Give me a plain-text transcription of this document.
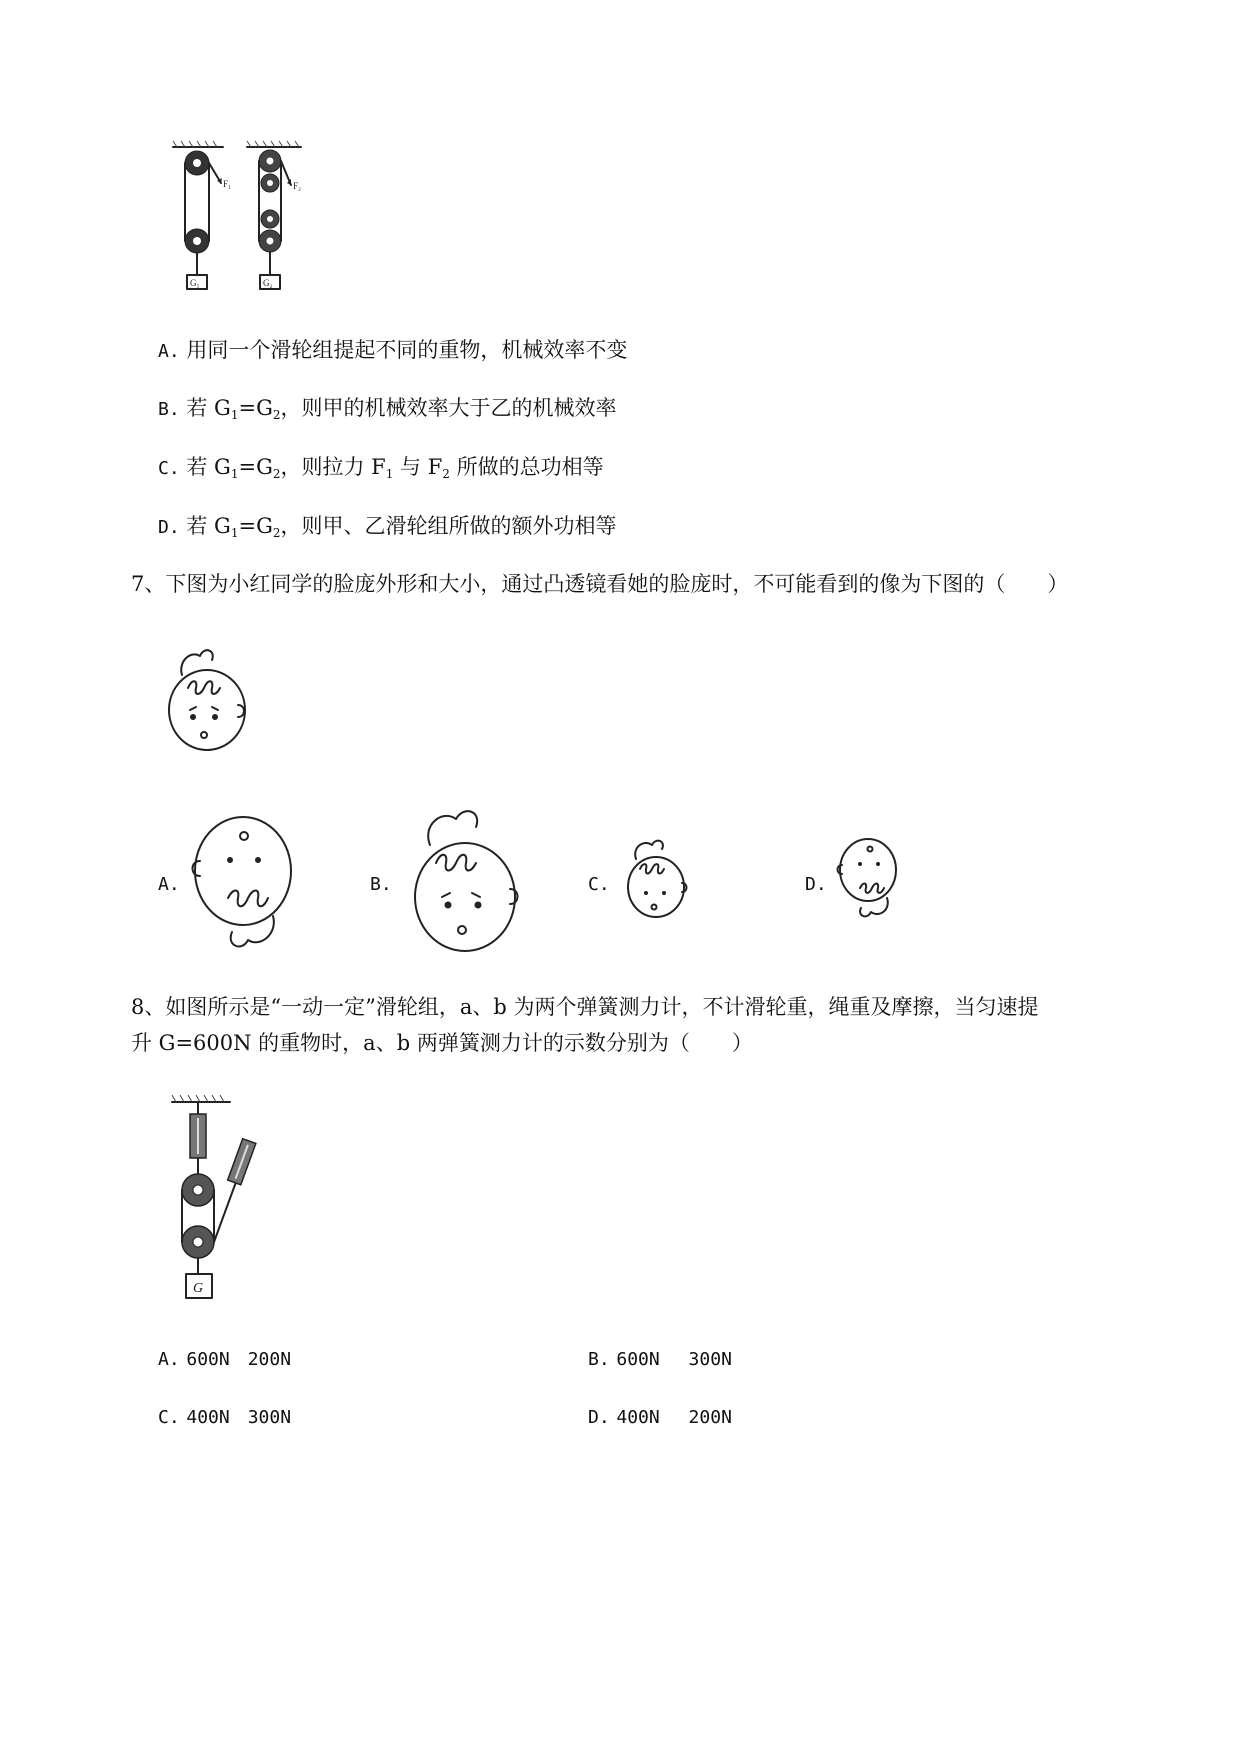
F₁
G₁
F₂
G₂
A. 用同一个滑轮组提起不同的重物，机械效率不变
B. 若 $G_1=G_2$，则甲的机械效率大于乙的机械效率
C. 若 $G_1=G_2$，则拉力 $F_1$ 与 $F_2$ 所做的总功相等
D. 若 $G_1=G_2$，则甲、乙滑轮组所做的额外功相等
7、下图为小红同学的脸庞外形和大小，通过凸透镜看她的脸庞时，不可能看到的像为下图的（　　）
A.	B.	C.	D.
8、如图所示是“一动一定”滑轮组，a、b 为两个弹簧测力计，不计滑轮重，绳重及摩擦，当匀速提
升 G=600N 的重物时，a、b 两弹簧测力计的示数分别为（　　）
G
A. 600N　200N	B. 600N　 300N
C. 400N　300N	D. 400N　 200N
